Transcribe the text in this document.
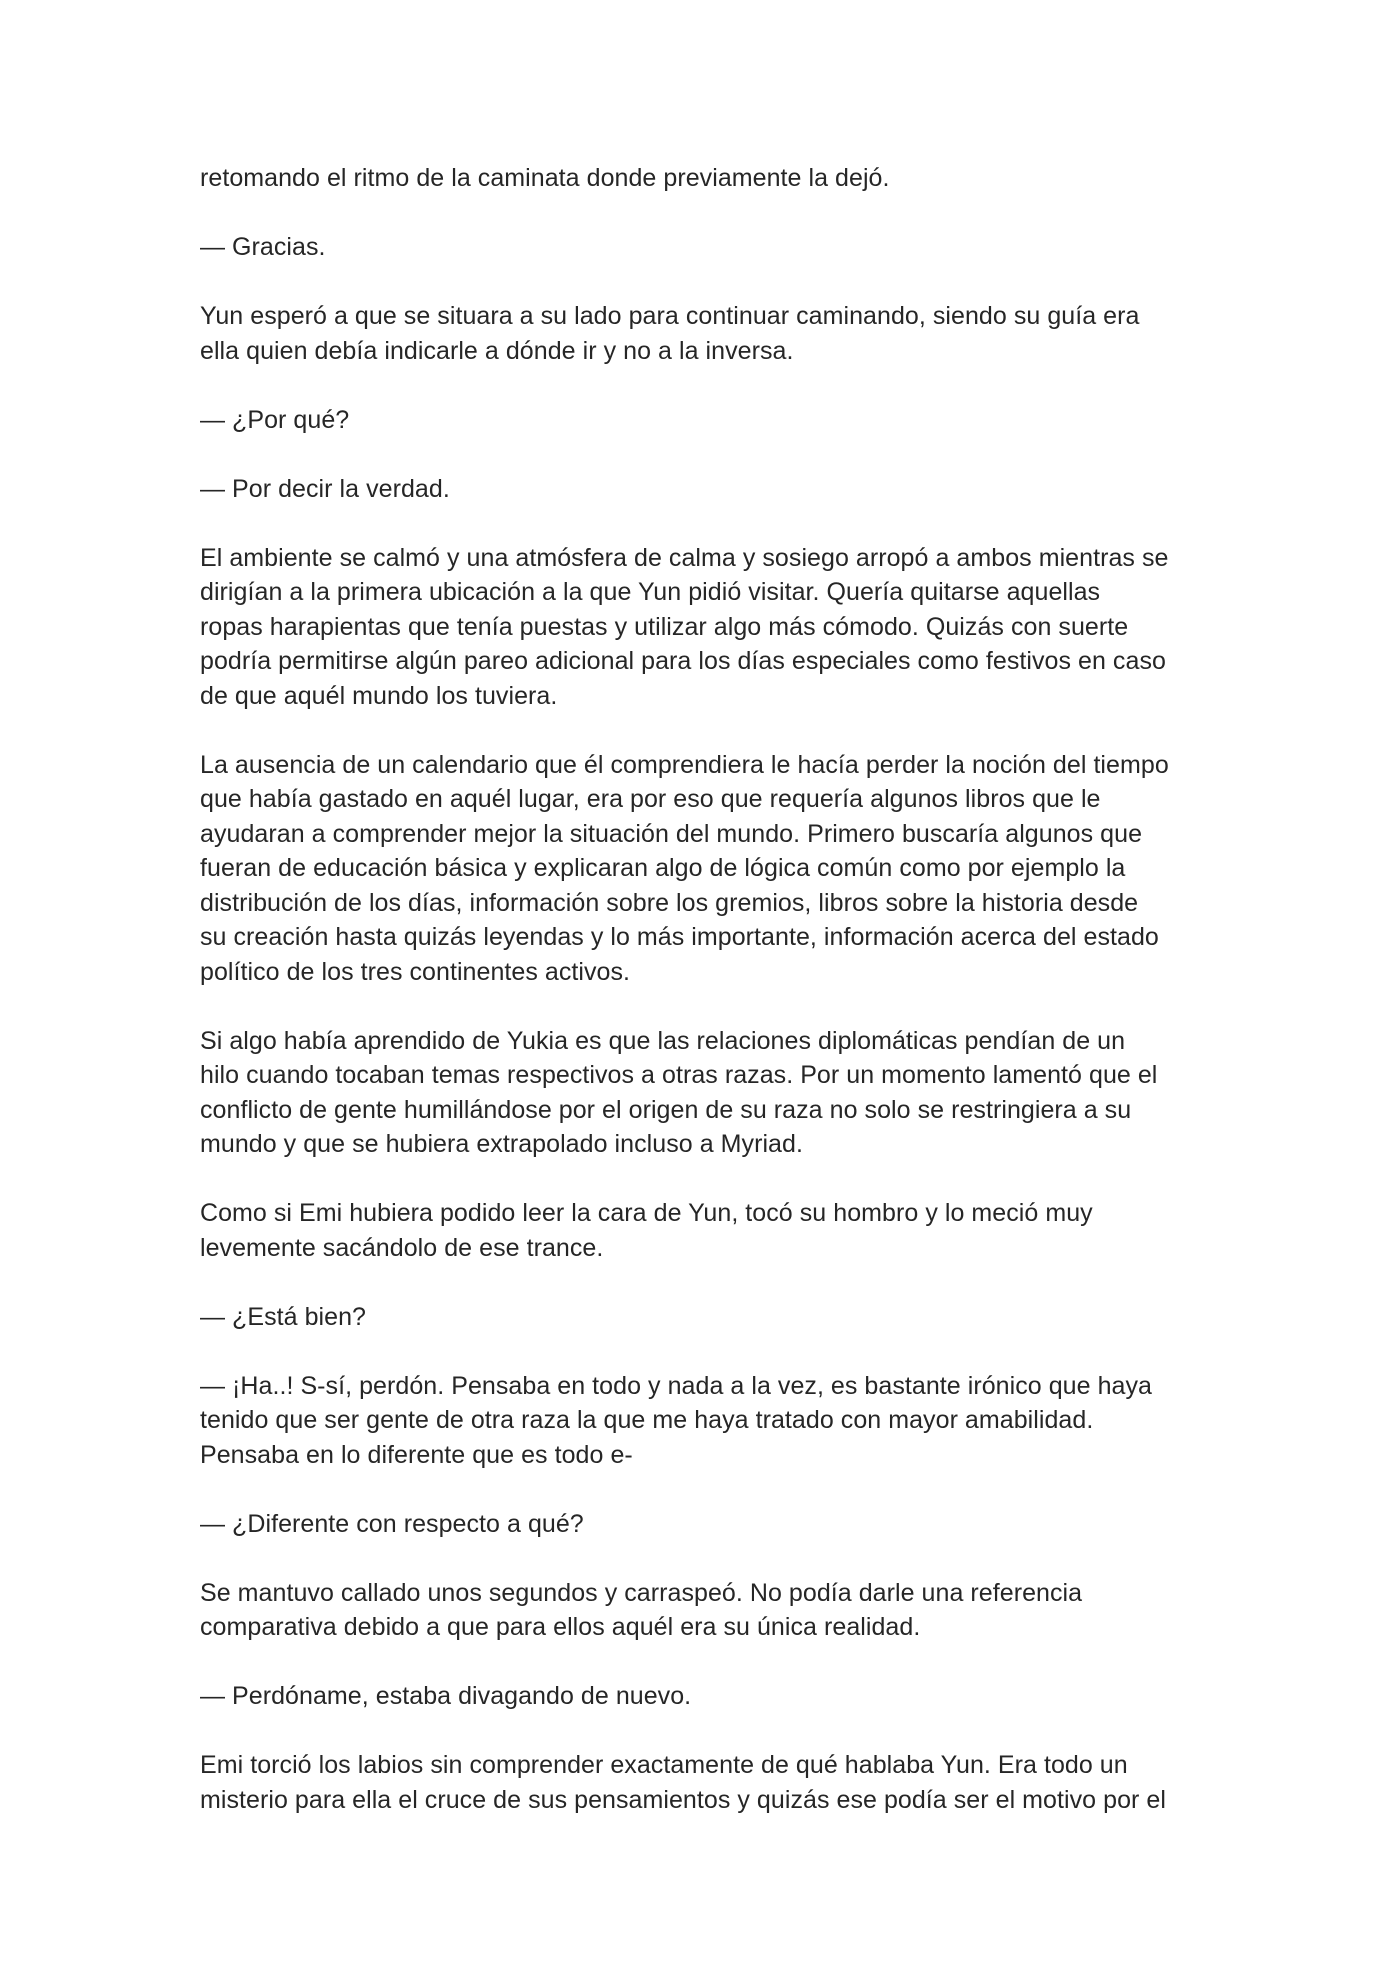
retomando el ritmo de la caminata donde previamente la dejó.

— Gracias.

Yun esperó a que se situara a su lado para continuar caminando, siendo su guía era
ella quien debía indicarle a dónde ir y no a la inversa.

— ¿Por qué?

— Por decir la verdad.

El ambiente se calmó y una atmósfera de calma y sosiego arropó a ambos mientras se
dirigían a la primera ubicación a la que Yun pidió visitar. Quería quitarse aquellas
ropas harapientas que tenía puestas y utilizar algo más cómodo. Quizás con suerte
podría permitirse algún pareo adicional para los días especiales como festivos en caso
de que aquél mundo los tuviera.

La ausencia de un calendario que él comprendiera le hacía perder la noción del tiempo
que había gastado en aquél lugar, era por eso que requería algunos libros que le
ayudaran a comprender mejor la situación del mundo. Primero buscaría algunos que
fueran de educación básica y explicaran algo de lógica común como por ejemplo la
distribución de los días, información sobre los gremios, libros sobre la historia desde
su creación hasta quizás leyendas y lo más importante, información acerca del estado
político de los tres continentes activos.

Si algo había aprendido de Yukia es que las relaciones diplomáticas pendían de un
hilo cuando tocaban temas respectivos a otras razas. Por un momento lamentó que el
conflicto de gente humillándose por el origen de su raza no solo se restringiera a su
mundo y que se hubiera extrapolado incluso a Myriad.

Como si Emi hubiera podido leer la cara de Yun, tocó su hombro y lo meció muy
levemente sacándolo de ese trance.

— ¿Está bien?

— ¡Ha..! S-sí, perdón. Pensaba en todo y nada a la vez, es bastante irónico que haya
tenido que ser gente de otra raza la que me haya tratado con mayor amabilidad.
Pensaba en lo diferente que es todo e-

— ¿Diferente con respecto a qué?

Se mantuvo callado unos segundos y carraspeó. No podía darle una referencia
comparativa debido a que para ellos aquél era su única realidad.

— Perdóname, estaba divagando de nuevo.

Emi torció los labios sin comprender exactamente de qué hablaba Yun. Era todo un
misterio para ella el cruce de sus pensamientos y quizás ese podía ser el motivo por el
